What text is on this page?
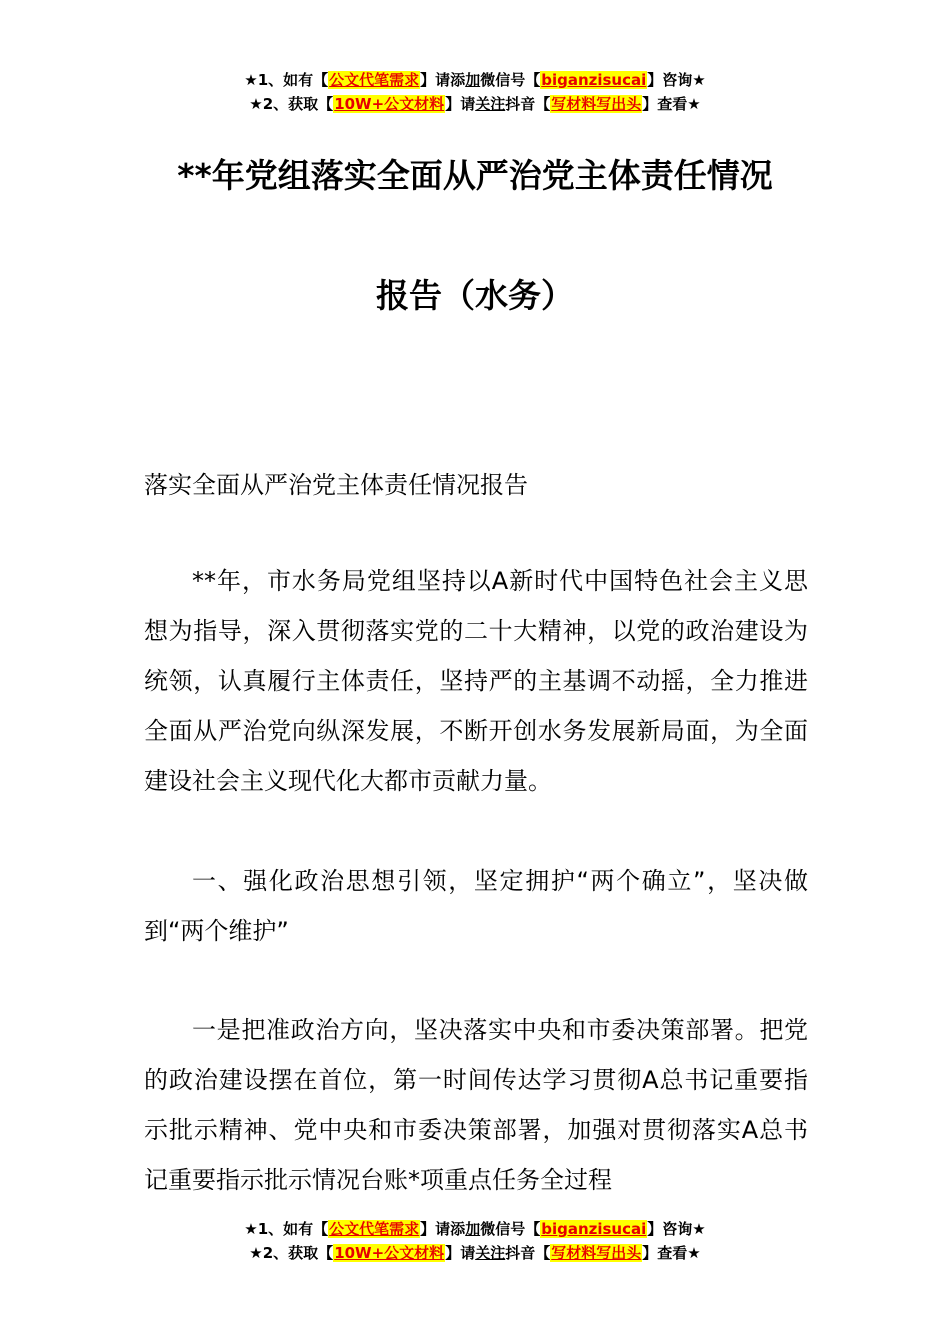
★1、如有【公文代笔需求】请添加微信号【biganzisucai】咨询★
★2、获取【10W+公文材料】请关注抖音【写材料写出头】查看★
**年党组落实全面从严治党主体责任情况
报告（水务）

落实全面从严治党主体责任情况报告

**年，市水务局党组坚持以A新时代中国特色社会主义思想为指导，深入贯彻落实党的二十大精神，以党的政治建设为统领，认真履行主体责任，坚持严的主基调不动摇，全力推进全面从严治党向纵深发展，不断开创水务发展新局面，为全面建设社会主义现代化大都市贡献力量。

一、强化政治思想引领，坚定拥护“两个确立”，坚决做到“两个维护”

一是把准政治方向，坚决落实中央和市委决策部署。把党的政治建设摆在首位，第一时间传达学习贯彻A总书记重要指示批示精神、党中央和市委决策部署，加强对贯彻落实A总书记重要指示批示情况台账*项重点任务全过程

★1、如有【公文代笔需求】请添加微信号【biganzisucai】咨询★
★2、获取【10W+公文材料】请关注抖音【写材料写出头】查看★
